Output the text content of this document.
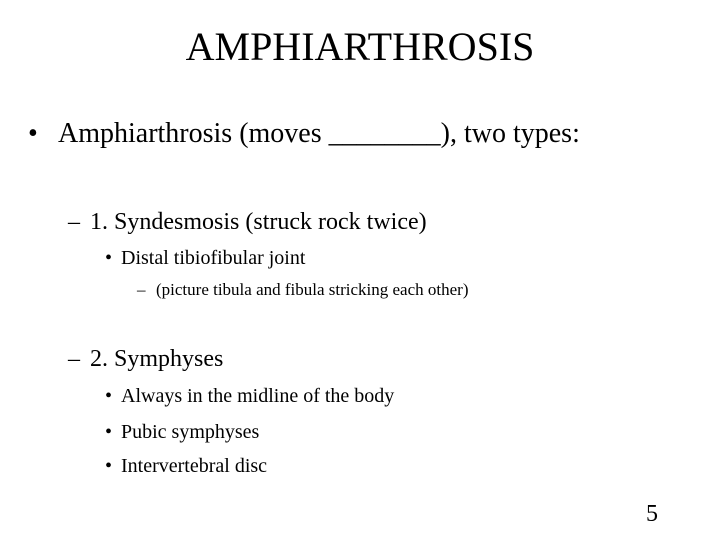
AMPHIARTHROSIS
• Amphiarthrosis (moves ________), two types:
– 1. Syndesmosis (struck rock twice)
• Distal tibiofibular joint
– (picture tibula and fibula stricking each other)
– 2. Symphyses
• Always in the midline of the body
• Pubic symphyses
• Intervertebral disc
5
